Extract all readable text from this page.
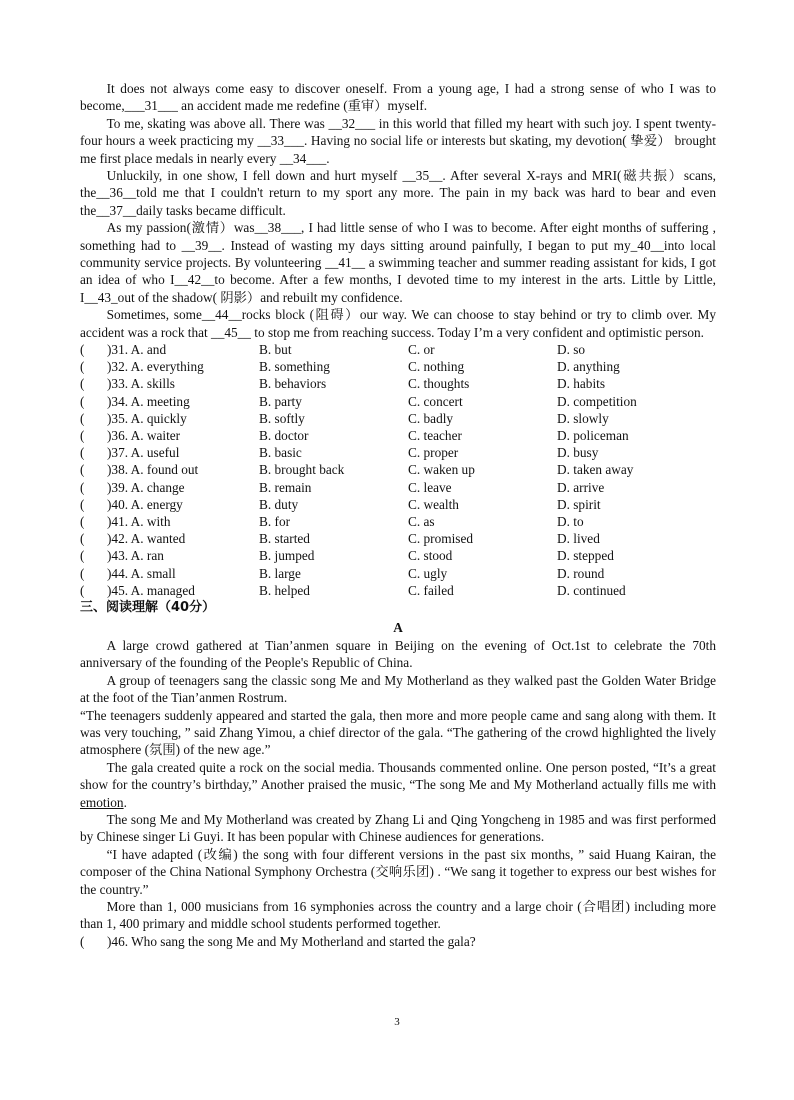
It does not always come easy to discover oneself. From a young age, I had a strong sense of who I was to become,___31___ an accident made me redefine (重审）myself.

To me, skating was above all. There was __32___ in this world that filled my heart with such joy. I spent twenty-four hours a week practicing my __33___. Having no social life or interests but skating, my devotion( 挚爱） brought me first place medals in nearly every __34___.

Unluckily, in one show, I fell down and hurt myself __35__. After several X-rays and MRI(磁共振）scans, the__36__told me that I couldn't return to my sport any more. The pain in my back was hard to bear and even the__37__daily tasks became difficult.

As my passion(激情）was__38___, I had little sense of who I was to become. After eight months of suffering , something had to __39__. Instead of wasting my days sitting around painfully, I began to put my_40__into local community service projects. By volunteering __41__ a swimming teacher and summer reading assistant for kids, I got an idea of who I__42__to become. After a few months, I devoted time to my interest in the arts. Little by Little, I__43_out of the shadow( 阴影）and rebuilt my confidence.

Sometimes, some__44__rocks block (阻碍）our way. We can choose to stay behind or try to climb over. My accident was a rock that __45__ to stop me from reaching success. Today I’m a very confident and optimistic person.

( )31. A. and	B. but	C. or	D. so
( )32. A. everything	B. something	C. nothing	D. anything
( )33. A. skills	B. behaviors	C. thoughts	D. habits
( )34. A. meeting	B. party	C. concert	D. competition
( )35. A. quickly	B. softly	C. badly	D. slowly
( )36. A. waiter	B. doctor	C. teacher	D. policeman
( )37. A. useful	B. basic	C. proper	D. busy
( )38. A. found out	B. brought back	C. waken up	D. taken away
( )39. A. change	B. remain	C. leave	D. arrive
( )40. A. energy	B. duty	C. wealth	D. spirit
( )41. A. with	B. for	C. as	D. to
( )42. A. wanted	B. started	C. promised	D. lived
( )43. A. ran	B. jumped	C. stood	D. stepped
( )44. A. small	B. large	C. ugly	D. round
( )45. A. managed	B. helped	C. failed	D. continued
三、阅读理解（40分）
A

A large crowd gathered at Tian’anmen square in Beijing on the evening of Oct.1st to celebrate the 70th anniversary of the founding of the People's Republic of China.

A group of teenagers sang the classic song Me and My Motherland as they walked past the Golden Water Bridge at the foot of the Tian’anmen Rostrum.

“The teenagers suddenly appeared and started the gala, then more and more people came and sang along with them. It was very touching, ” said Zhang Yimou, a chief director of the gala. “The gathering of the crowd highlighted the lively atmosphere (氛围) of the new age.”

The gala created quite a rock on the social media. Thousands commented online. One person posted, “It’s a great show for the country’s birthday,” Another praised the music, “The song Me and My Motherland actually fills me with emotion.

The song Me and My Motherland was created by Zhang Li and Qing Yongcheng in 1985 and was first performed by Chinese singer Li Guyi. It has been popular with Chinese audiences for generations.

“I have adapted (改编) the song with four different versions in the past six months, ” said Huang Kairan, the composer of the China National Symphony Orchestra (交响乐团) . “We sang it together to express our best wishes for the country.”

More than 1, 000 musicians from 16 symphonies across the country and a large choir (合唱团) including more than 1, 400 primary and middle school students performed together.

(	)46. Who sang the song Me and My Motherland and started the gala?
3
